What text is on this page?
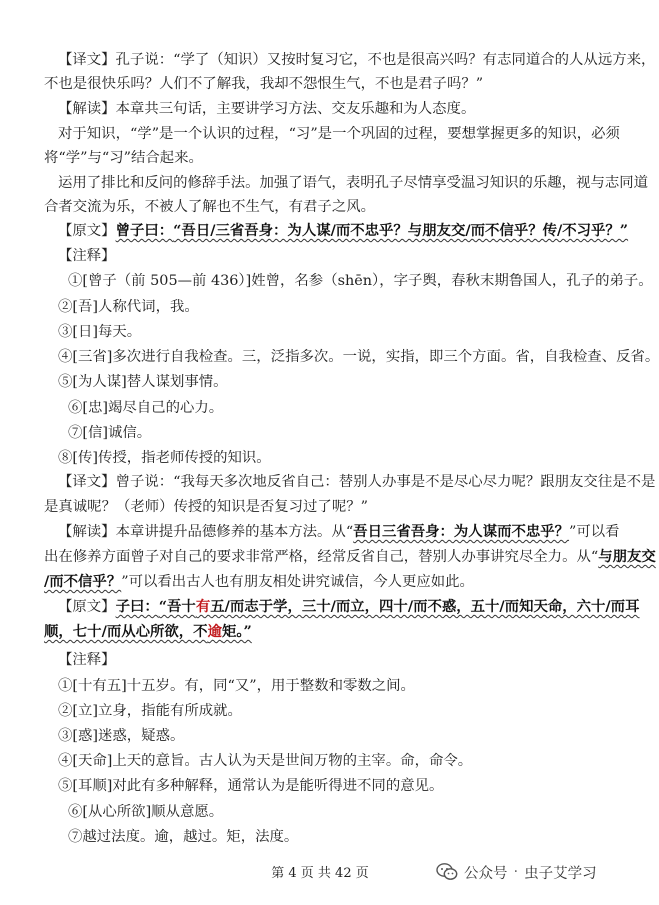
【译文】孔子说：“学了（知识）又按时复习它，不也是很高兴吗？有志同道合的人从远方来，
不也是很快乐吗？人们不了解我，我却不怨恨生气，不也是君子吗？”
【解读】本章共三句话，主要讲学习方法、交友乐趣和为人态度。
对于知识，“学”是一个认识的过程，“习”是一个巩固的过程，要想掌握更多的知识，必须
将“学”与“习”结合起来。
运用了排比和反问的修辞手法。加强了语气，表明孔子尽情享受温习知识的乐趣，视与志同道
合者交流为乐，不被人了解也不生气，有君子之风。
【原文】曾子曰：“吾日/三省吾身：为人谋/而不忠乎？与朋友交/而不信乎？传/不习乎？”
【注释】
①[曾子（前 505—前 436）]姓曾，名参（shēn），字子舆，春秋末期鲁国人，孔子的弟子。
②[吾]人称代词，我。
③[日]每天。
④[三省]多次进行自我检查。三，泛指多次。一说，实指，即三个方面。省，自我检查、反省。
⑤[为人谋]替人谋划事情。
⑥[忠]竭尽自己的心力。
⑦[信]诚信。
⑧[传]传授，指老师传授的知识。
【译文】曾子说：“我每天多次地反省自己：替别人办事是不是尽心尽力呢？跟朋友交往是不是
是真诚呢？（老师）传授的知识是否复习过了呢？”
【解读】本章讲提升品德修养的基本方法。从“吾日三省吾身：为人谋而不忠乎？”可以看
出在修养方面曾子对自己的要求非常严格，经常反省自己，替别人办事讲究尽全力。从“与朋友交
/而不信乎？”可以看出古人也有朋友相处讲究诚信，今人更应如此。
【原文】子曰：“吾十有五/而志于学，三十/而立，四十/而不惑，五十/而知天命，六十/而耳
顺，七十/而从心所欲，不逾矩。”
【注释】
①[十有五]十五岁。有，同“又”，用于整数和零数之间。
②[立]立身，指能有所成就。
③[惑]迷惑，疑惑。
④[天命]上天的意旨。古人认为天是世间万物的主宰。命，命令。
⑤[耳顺]对此有多种解释，通常认为是能听得进不同的意见。
⑥[从心所欲]顺从意愿。
⑦越过法度。逾，越过。矩，法度。
第 4 页 共 42 页	公众号 · 虫子艾学习
